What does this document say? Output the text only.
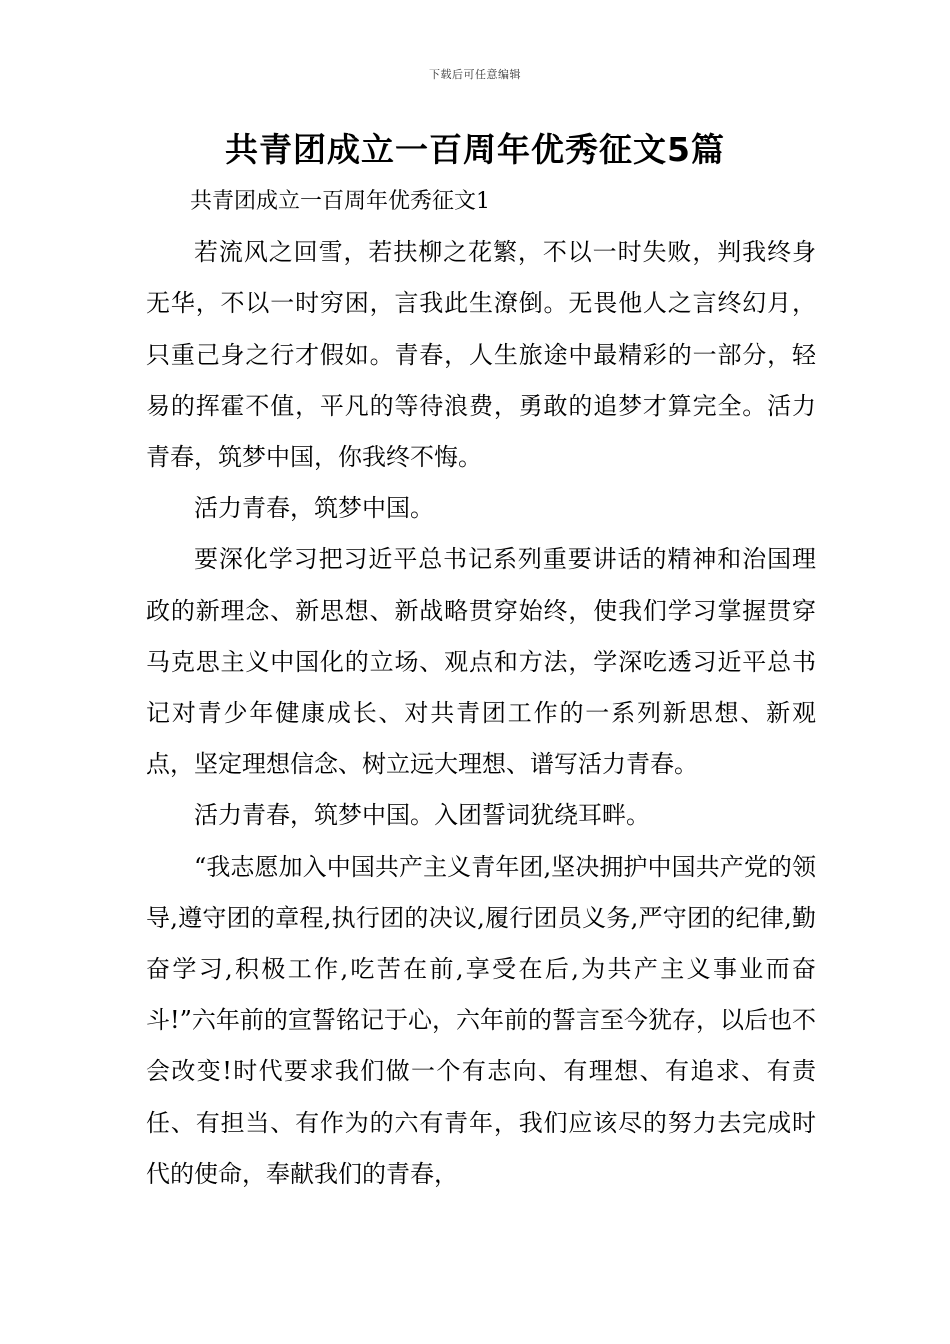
下载后可任意编辑
共青团成立一百周年优秀征文5篇

共青团成立一百周年优秀征文1

若流风之回雪，若扶柳之花繁，不以一时失败，判我终身无华，不以一时穷困，言我此生潦倒。无畏他人之言终幻月，只重己身之行才假如。青春，人生旅途中最精彩的一部分，轻易的挥霍不值，平凡的等待浪费，勇敢的追梦才算完全。活力青春，筑梦中国，你我终不悔。

活力青春，筑梦中国。

要深化学习把习近平总书记系列重要讲话的精神和治国理政的新理念、新思想、新战略贯穿始终，使我们学习掌握贯穿马克思主义中国化的立场、观点和方法，学深吃透习近平总书记对青少年健康成长、对共青团工作的一系列新思想、新观点，坚定理想信念、树立远大理想、谱写活力青春。

活力青春，筑梦中国。入团誓词犹绕耳畔。

“我志愿加入中国共产主义青年团,坚决拥护中国共产党的领导,遵守团的章程,执行团的决议,履行团员义务,严守团的纪律,勤奋学习,积极工作,吃苦在前,享受在后,为共产主义事业而奋斗!”六年前的宣誓铭记于心，六年前的誓言至今犹存，以后也不会改变!时代要求我们做一个有志向、有理想、有追求、有责任、有担当、有作为的六有青年，我们应该尽的努力去完成时代的使命，奉献我们的青春，
